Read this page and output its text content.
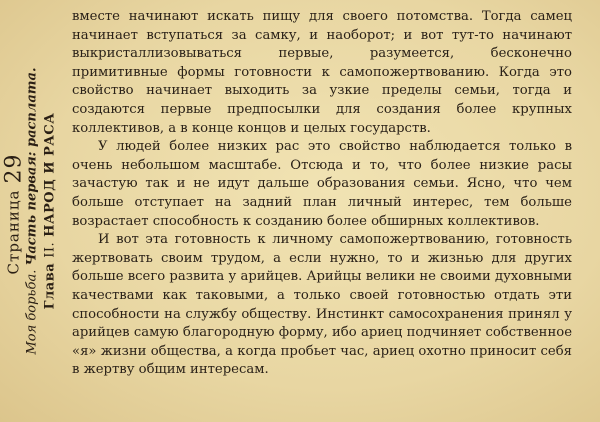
Страница29
Моя борьба. Часть первая: расплата.
Глава II. НАРОД И РАСА

вместе начинают искать пищу для своего потомства. Тогда самец начинает вступаться за самку, и наоборот; и вот тут-то начинают выкристаллизовываться первые, разумеется, бесконечно примитивные формы готовности к самопожертвованию. Когда это свойство начинает выходить за узкие пределы семьи, тогда и создаются первые предпосылки для создания более крупных коллективов, а в конце концов и целых государств.

У людей более низких рас это свойство наблюдается только в очень небольшом масштабе. Отсюда и то, что более низкие расы зачастую так и не идут дальше образования семьи. Ясно, что чем больше отступает на задний план личный интерес, тем больше возрастает способность к созданию более обширных коллективов.

И вот эта готовность к личному самопожертвованию, готовность жертвовать своим трудом, а если нужно, то и жизнью для других больше всего развита у арийцев. Арийцы велики не своими духовными качествами как таковыми, а только своей готовностью отдать эти способности на службу обществу. Инстинкт самосохранения принял у арийцев самую благородную форму, ибо ариец подчиняет собственное «я» жизни общества, а когда пробьет час, ариец охотно приносит себя в жертву общим интересам.
